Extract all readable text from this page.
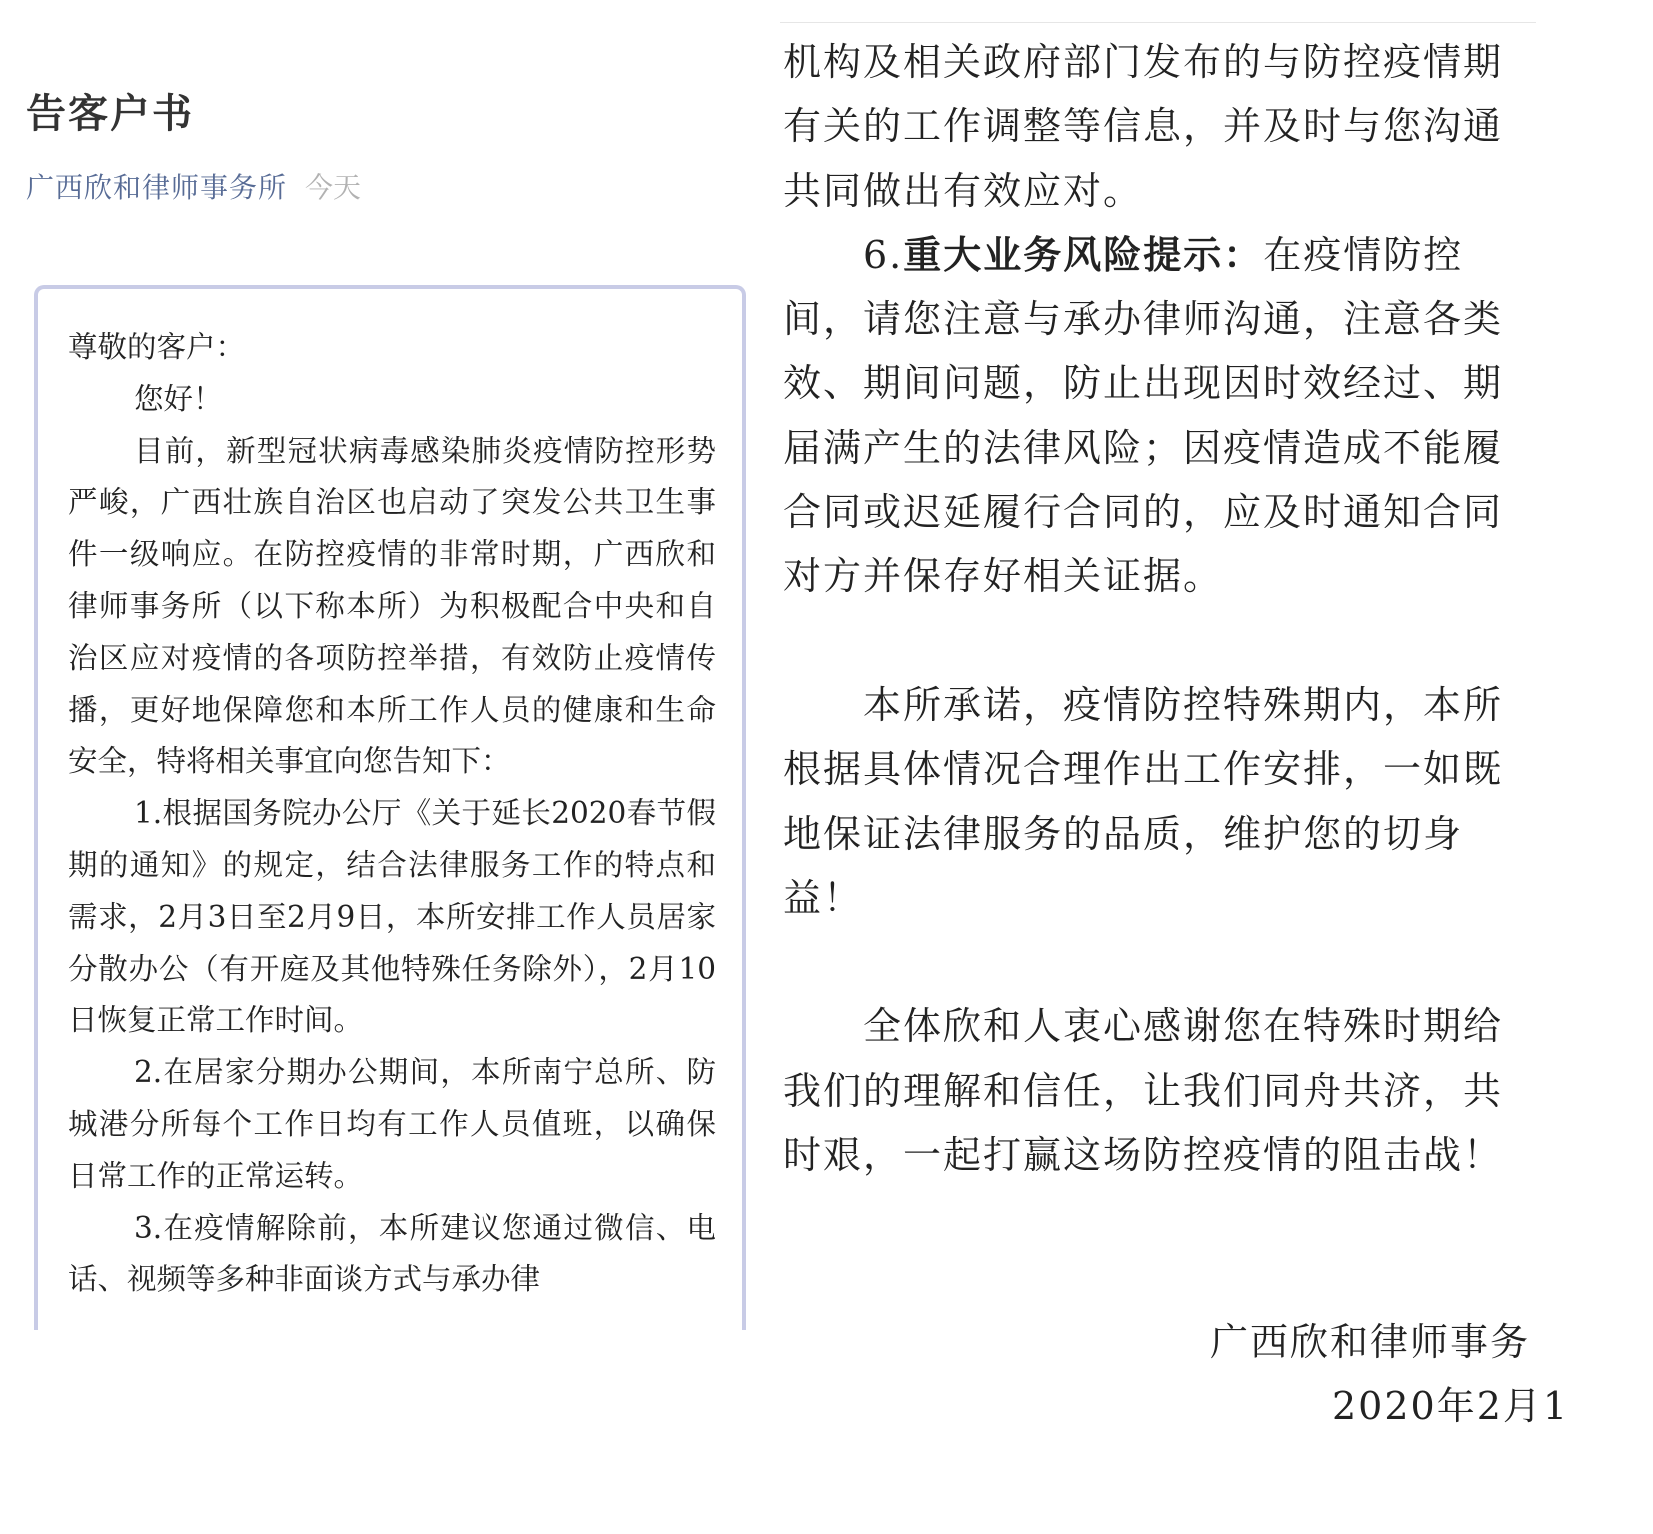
告客户书
广西欣和律师事务所 今天

尊敬的客户：

您好！

目前，新型冠状病毒感染肺炎疫情防控形势严峻，广西壮族自治区也启动了突发公共卫生事件一级响应。在防控疫情的非常时期，广西欣和律师事务所（以下称本所）为积极配合中央和自治区应对疫情的各项防控举措，有效防止疫情传播，更好地保障您和本所工作人员的健康和生命安全，特将相关事宜向您告知下：

1.根据国务院办公厅《关于延长2020春节假期的通知》的规定，结合法律服务工作的特点和需求，2月3日至2月9日，本所安排工作人员居家分散办公（有开庭及其他特殊任务除外），2月10日恢复正常工作时间。

2.在居家分期办公期间，本所南宁总所、防城港分所每个工作日均有工作人员值班，以确保日常工作的正常运转。

3.在疫情解除前，本所建议您通过微信、电话、视频等多种非面谈方式与承办律

机构及相关政府部门发布的与防控疫情期
有关的工作调整等信息，并及时与您沟通
共同做出有效应对。
6.重大业务风险提示：在疫情防控
间，请您注意与承办律师沟通，注意各类
效、期间问题，防止出现因时效经过、期
届满产生的法律风险；因疫情造成不能履
合同或迟延履行合同的，应及时通知合同
对方并保存好相关证据。
本所承诺，疫情防控特殊期内，本所
根据具体情况合理作出工作安排，一如既
地保证法律服务的品质，维护您的切身
益！
全体欣和人衷心感谢您在特殊时期给
我们的理解和信任，让我们同舟共济，共
时艰，一起打赢这场防控疫情的阻击战！
广西欣和律师事务
2020年2月1
